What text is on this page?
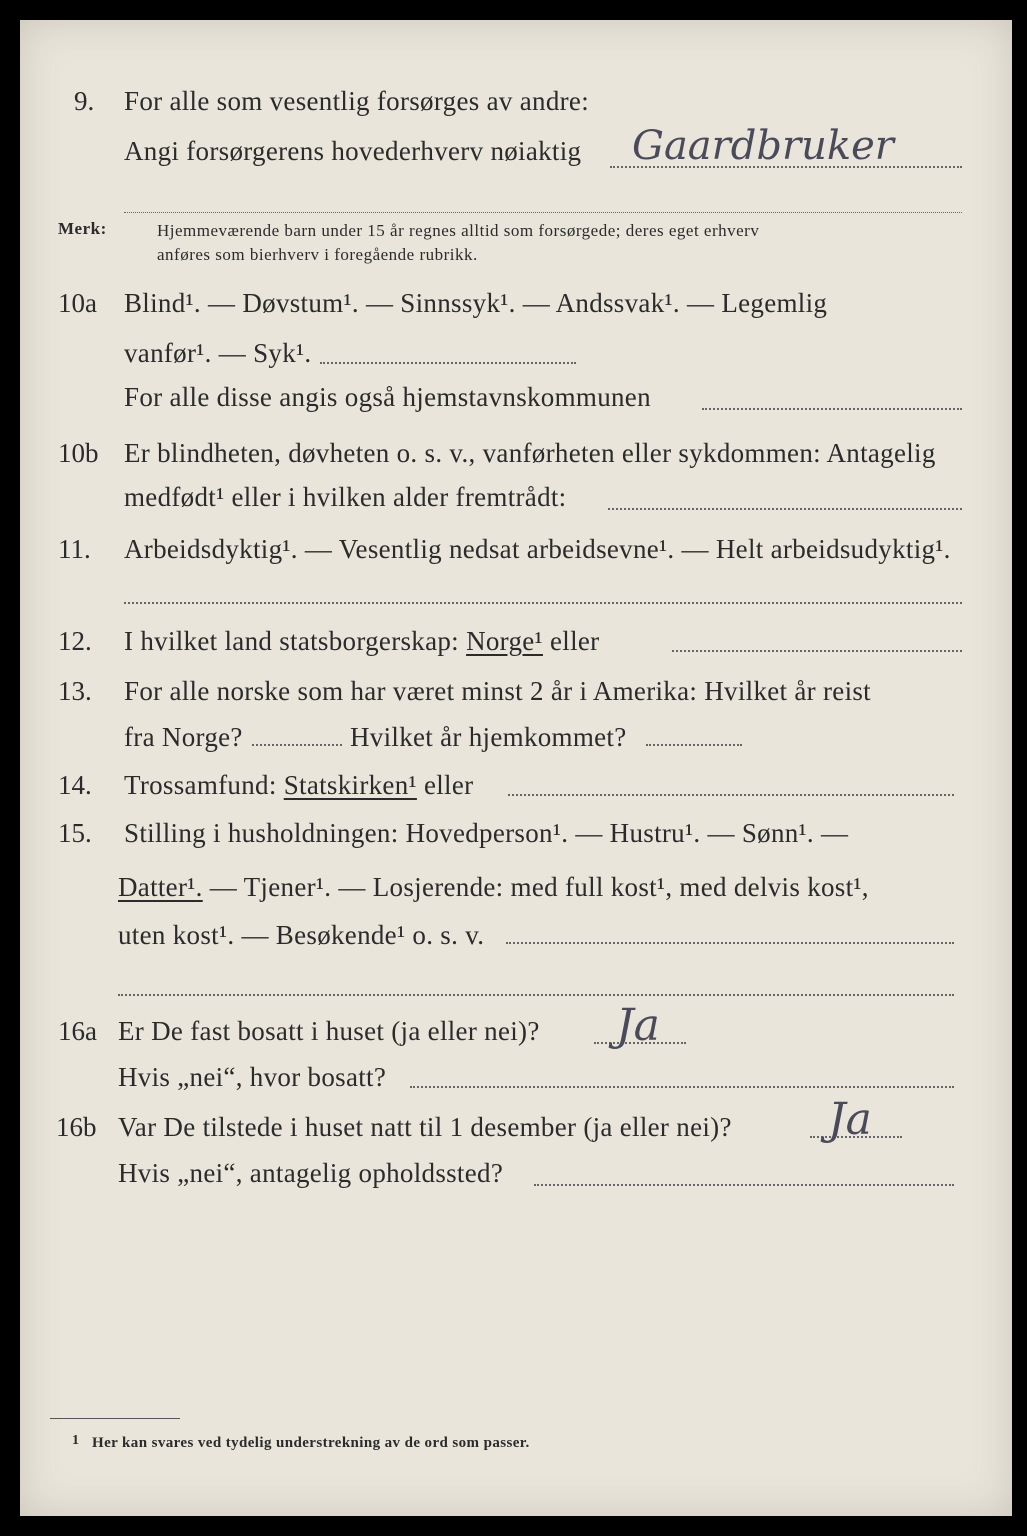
9. For alle som vesentlig forsørges av andre:
Angi forsørgerens hovederhverv nøiaktig Gaardbruker
Merk:	Hjemmeværende barn under 15 år regnes alltid som forsørgede; deres eget erhverv
anføres som bierhverv i foregående rubrikk.
10a Blind¹. — Døvstum¹. — Sinnssyk¹. — Andssvak¹. — Legemlig
vanfør¹. — Syk¹.
For alle disse angis også hjemstavnskommunen
10b Er blindheten, døvheten o. s. v., vanførheten eller sykdommen: Antagelig
medfødt¹ eller i hvilken alder fremtrådt:
11. Arbeidsdyktig¹. — Vesentlig nedsat arbeidsevne¹. — Helt arbeidsudyktig¹.
12. I hvilket land statsborgerskap: Norge¹ eller
13. For alle norske som har været minst 2 år i Amerika: Hvilket år reist
fra Norge?	Hvilket år hjemkommet?
14. Trossamfund: Statskirken¹ eller
15. Stilling i husholdningen: Hovedperson¹. — Hustru¹. — Sønn¹. —
Datter¹. — Tjener¹. — Losjerende: med full kost¹, med delvis kost¹,
uten kost¹. — Besøkende¹ o. s. v.
16a Er De fast bosatt i huset (ja eller nei)? Ja
Hvis „nei“, hvor bosatt?
16b Var De tilstede i huset natt til 1 desember (ja eller nei)? Ja
Hvis „nei“, antagelig opholdssted?
1 Her kan svares ved tydelig understrekning av de ord som passer.
